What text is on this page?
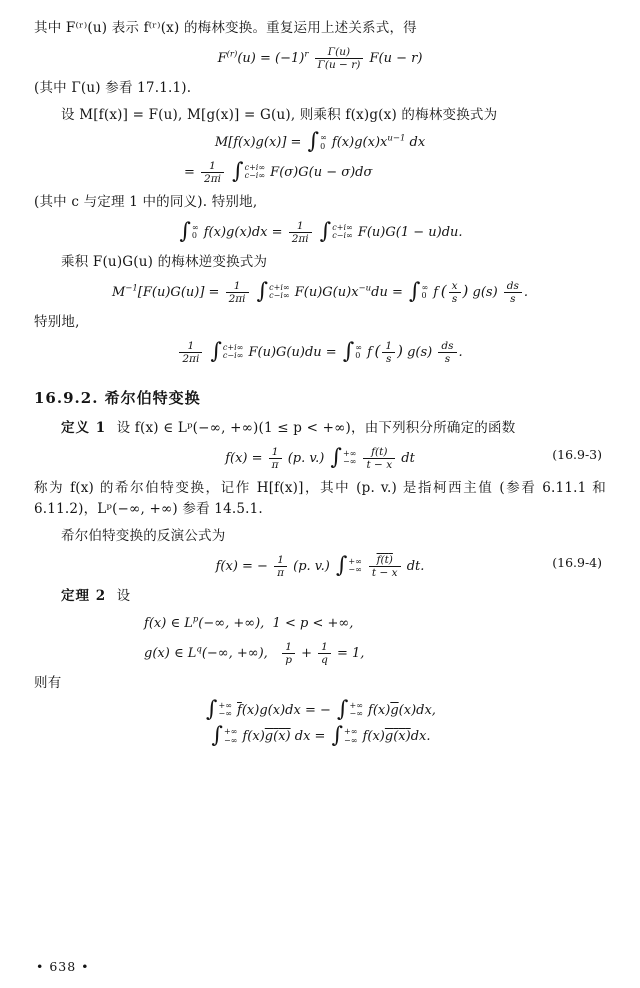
其中 F⁽ʳ⁾(u) 表示 f⁽ʳ⁾(x) 的梅林变换。重复运用上述关系式，得

$F^{(r)}(u) = (-1)^r \frac{\Gamma(u)}{\Gamma(u - r)} F(u - r)$

(其中 Γ(u) 参看 17.1.1).

设 M[f(x)] = F(u), M[g(x)] = G(u), 则乘积 f(x)g(x) 的梅林变换式为

M[f(x)g(x)] = ∫ ∞
0 $f(x)g(x)x^{u-1}$ dx
= $\frac{1}{2\pi i}$ ∫ c+i∞
c−i∞ F(σ)G(u − σ)dσ

(其中 c 与定理 1 中的同义). 特别地,

∫ ∞
0 $f(x)g(x)dx = \frac{1}{2\pi i}$ ∫ c+i∞
c−i∞ F(u)G(1 − u)du.

乘积 F(u)G(u) 的梅林逆变换式为

$M^{-1}[F(u)G(u)] = \frac{1}{2\pi i}$ ∫ c+i∞
c−i∞ $F(u)G(u)x^{-u}du$ = ∫ ∞
0 f  ( $\frac{x}{s}$ ) $g(s) \frac{ds}{s}$ .

特别地,

$\frac{1}{2\pi i}$ ∫ c+i∞
c−i∞ F(u)G(u)du = ∫ ∞
0 f  ( $\frac{1}{s}$ ) $g(s) \frac{ds}{s}$ .
16.9.2. 希尔伯特变换

定义 1 设 f(x) ∈ Lᵖ(−∞, +∞)(1 ≤ p < +∞)，由下列积分所确定的函数

$f(x) = \frac{1}{\pi} (p$. v.) ∫ +∞
−∞
$\frac{f(t)}{t - x}$ dt	(16.9-3)

称为 f(x) 的希尔伯特变换，记作 H[f(x)]，其中 (p. v.) 是指柯西主值 (参看 6.11.1 和 6.11.2)，Lᵖ(−∞, +∞) 参看 14.5.1.

希尔伯特变换的反演公式为

f(x) = − $\frac{1}{\pi} (p$. v.) ∫ +∞
−∞
$\frac{f(t)}{t - x}$ dt.	(16.9-4)

定理 2 设

f(x) ∈ $L^p(-\infty$, +∞),  1 < p < +∞,
g(x) ∈ $L^q(-\infty$, +∞), $\frac{1}{p} + \frac{1}{q} = 1$,

则有

∫ +∞
−∞ $\overline{f}(x)g(x)dx$ = − ∫ +∞
−∞ $f(x)\overline{g}(x)dx$,
∫ +∞
−∞ f(x)g(x) dx = ∫ +∞
−∞ f(x)g(x)dx.
• 638 •
